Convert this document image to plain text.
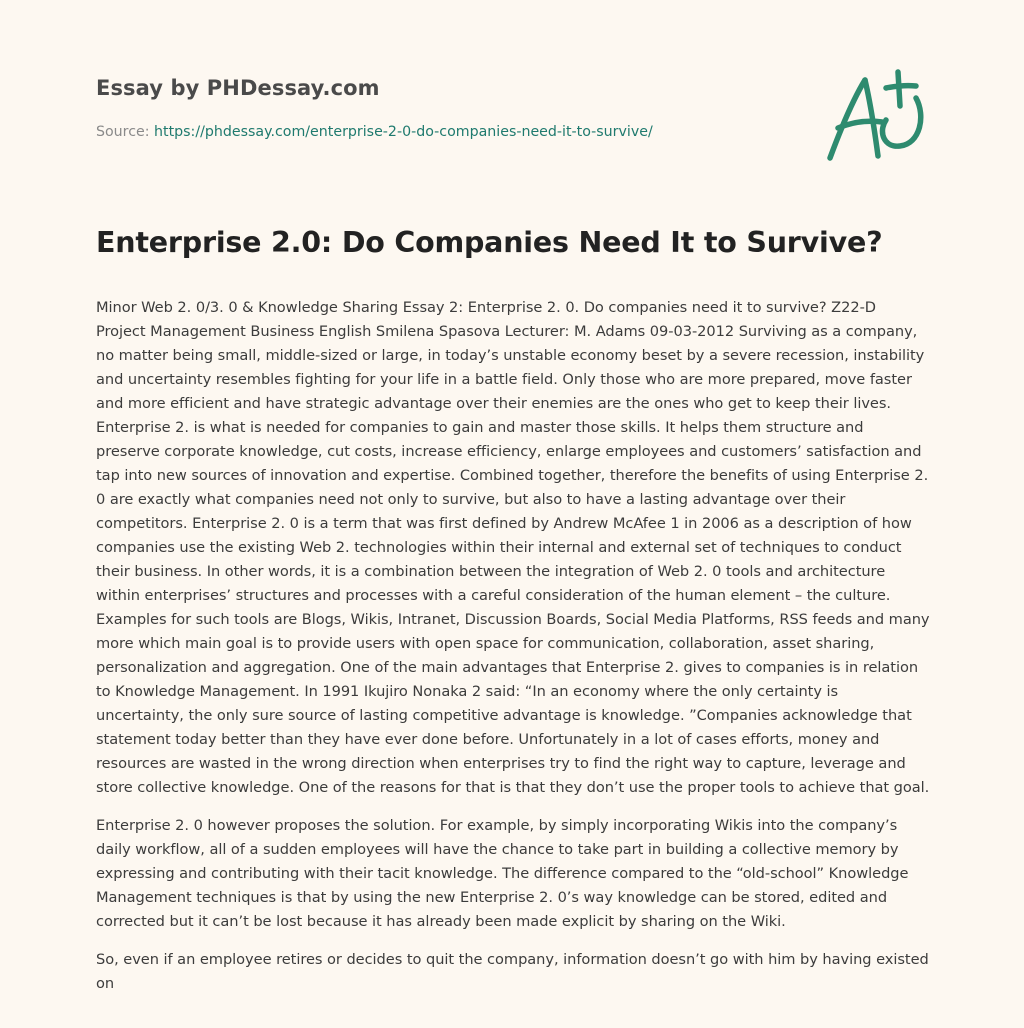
Essay by PHDessay.com
Source: https://phdessay.com/enterprise-2-0-do-companies-need-it-to-survive/
Enterprise 2.0: Do Companies Need It to Survive?

Minor Web 2. 0/3. 0 & Knowledge Sharing Essay 2: Enterprise 2. 0. Do companies need it to survive? Z22-D Project Management Business English Smilena Spasova Lecturer: M. Adams 09-03-2012 Surviving as a company, no matter being small, middle-sized or large, in today’s unstable economy beset by a severe recession, instability and uncertainty resembles fighting for your life in a battle field. Only those who are more prepared, move faster and more efficient and have strategic advantage over their enemies are the ones who get to keep their lives. Enterprise 2. is what is needed for companies to gain and master those skills. It helps them structure and preserve corporate knowledge, cut costs, increase efficiency, enlarge employees and customers’ satisfaction and tap into new sources of innovation and expertise. Combined together, therefore the benefits of using Enterprise 2. 0 are exactly what companies need not only to survive, but also to have a lasting advantage over their competitors. Enterprise 2. 0 is a term that was first defined by Andrew McAfee 1 in 2006 as a description of how companies use the existing Web 2. technologies within their internal and external set of techniques to conduct their business. In other words, it is a combination between the integration of Web 2. 0 tools and architecture within enterprises’ structures and processes with a careful consideration of the human element – the culture. Examples for such tools are Blogs, Wikis, Intranet, Discussion Boards, Social Media Platforms, RSS feeds and many more which main goal is to provide users with open space for communication, collaboration, asset sharing, personalization and aggregation. One of the main advantages that Enterprise 2. gives to companies is in relation to Knowledge Management. In 1991 Ikujiro Nonaka 2 said: “In an economy where the only certainty is uncertainty, the only sure source of lasting competitive advantage is knowledge. ”Companies acknowledge that statement today better than they have ever done before. Unfortunately in a lot of cases efforts, money and resources are wasted in the wrong direction when enterprises try to find the right way to capture, leverage and store collective knowledge. One of the reasons for that is that they don’t use the proper tools to achieve that goal.

Enterprise 2. 0 however proposes the solution. For example, by simply incorporating Wikis into the company’s daily workflow, all of a sudden employees will have the chance to take part in building a collective memory by expressing and contributing with their tacit knowledge. The difference compared to the “old-school” Knowledge Management techniques is that by using the new Enterprise 2. 0’s way knowledge can be stored, edited and corrected but it can’t be lost because it has already been made explicit by sharing on the Wiki.

So, even if an employee retires or decides to quit the company, information doesn’t go with him by having existed on
